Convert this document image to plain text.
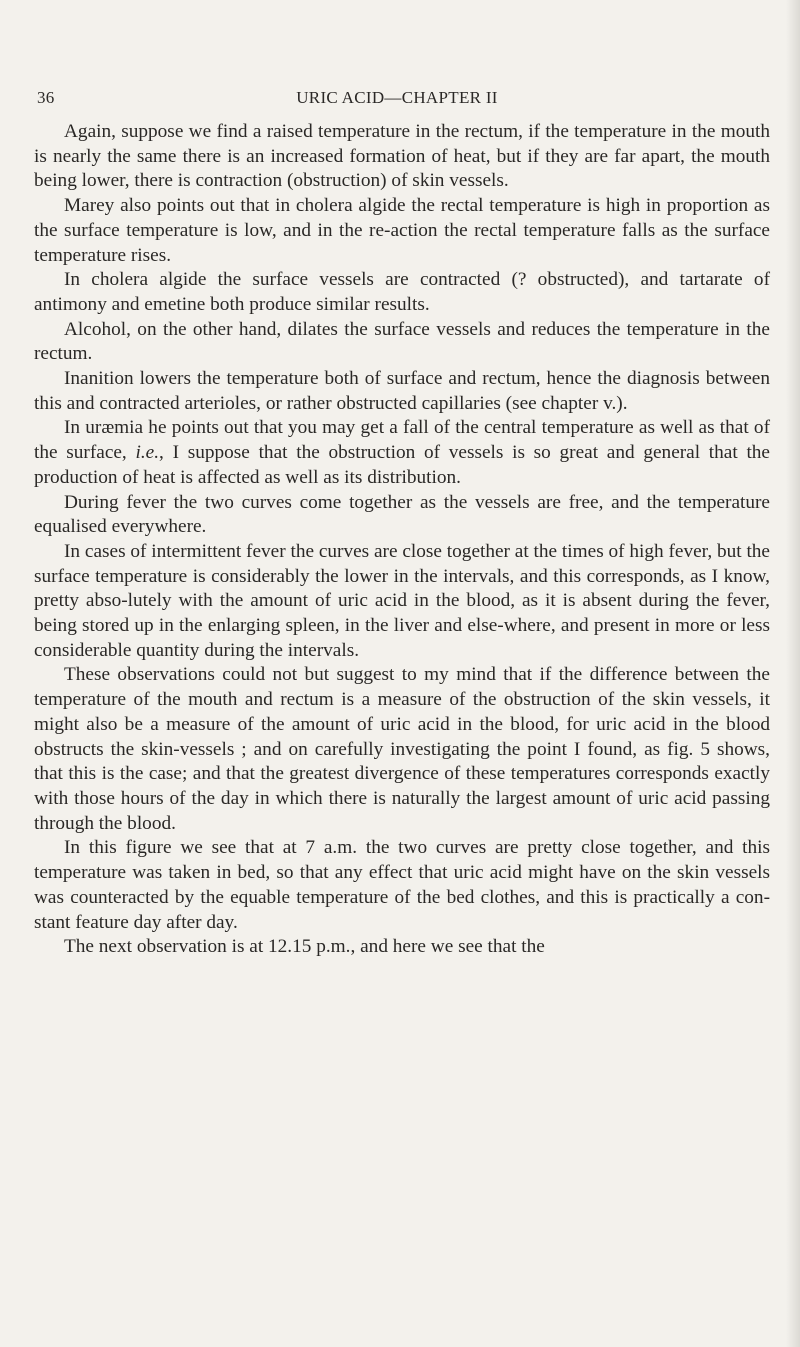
36	URIC ACID—CHAPTER II

Again, suppose we find a raised temperature in the rectum, if the temperature in the mouth is nearly the same there is an increased formation of heat, but if they are far apart, the mouth being lower, there is contraction (obstruction) of skin vessels.

Marey also points out that in cholera algide the rectal temperature is high in proportion as the surface temperature is low, and in the re-action the rectal temperature falls as the surface temperature rises.

In cholera algide the surface vessels are contracted (? obstructed), and tartarate of antimony and emetine both produce similar results.

Alcohol, on the other hand, dilates the surface vessels and reduces the temperature in the rectum.

Inanition lowers the temperature both of surface and rectum, hence the diagnosis between this and contracted arterioles, or rather obstructed capillaries (see chapter v.).

In uræmia he points out that you may get a fall of the central temperature as well as that of the surface, i.e., I suppose that the obstruction of vessels is so great and general that the production of heat is affected as well as its distribution.

During fever the two curves come together as the vessels are free, and the temperature equalised everywhere.

In cases of intermittent fever the curves are close together at the times of high fever, but the surface temperature is considerably the lower in the intervals, and this corresponds, as I know, pretty abso-lutely with the amount of uric acid in the blood, as it is absent during the fever, being stored up in the enlarging spleen, in the liver and else-where, and present in more or less considerable quantity during the intervals.

These observations could not but suggest to my mind that if the difference between the temperature of the mouth and rectum is a measure of the obstruction of the skin vessels, it might also be a measure of the amount of uric acid in the blood, for uric acid in the blood obstructs the skin-vessels ; and on carefully investigating the point I found, as fig. 5 shows, that this is the case; and that the greatest divergence of these temperatures corresponds exactly with those hours of the day in which there is naturally the largest amount of uric acid passing through the blood.

In this figure we see that at 7 a.m. the two curves are pretty close together, and this temperature was taken in bed, so that any effect that uric acid might have on the skin vessels was counteracted by the equable temperature of the bed clothes, and this is practically a con-stant feature day after day.

The next observation is at 12.15 p.m., and here we see that the
